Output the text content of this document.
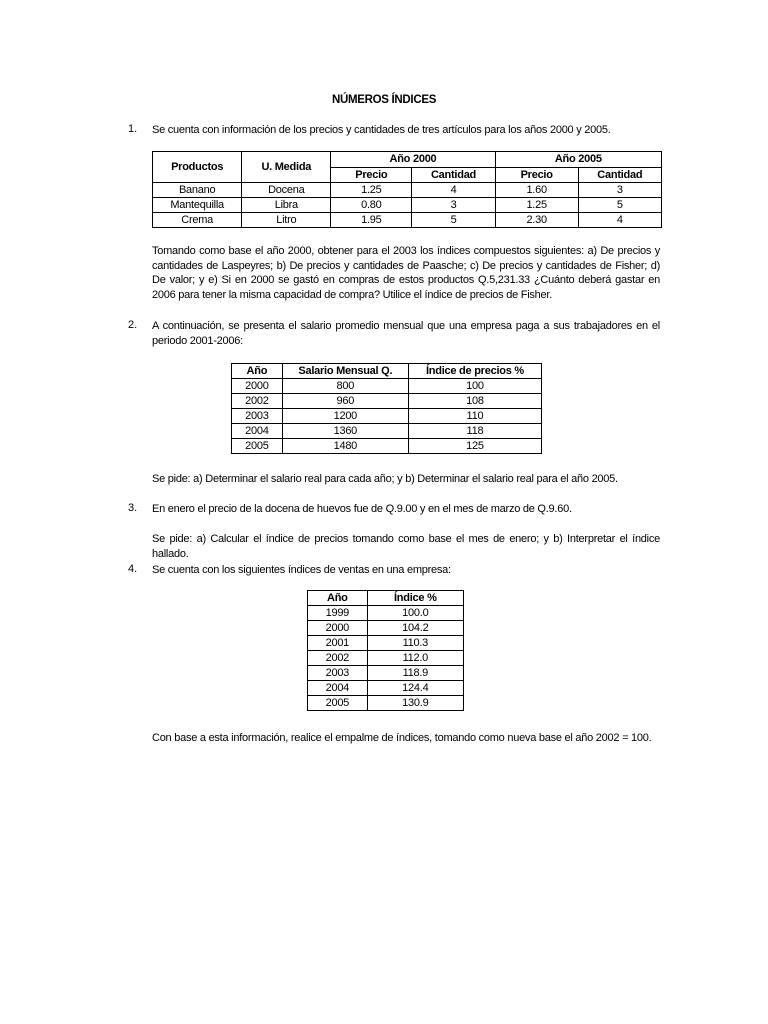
NÚMEROS ÍNDICES
1. Se cuenta con información de los precios y cantidades de tres artículos para los años 2000 y 2005.
Productos	U. Medida	Año 2000		Año 2005	
		Precio	Cantidad	Precio	Cantidad
Banano	Docena	1.25	4	1.60	3
Mantequilla	Libra	0.80	3	1.25	5
Crema	Litro	1.95	5	2.30	4
Tomando como base el año 2000, obtener para el 2003 los índices compuestos siguientes: a) De precios y cantidades de Laspeyres; b) De precios y cantidades de Paasche; c) De precios y cantidades de Fisher; d) De valor; y e) Si en 2000 se gastó en compras de estos productos Q.5,231.33 ¿Cuánto deberá gastar en 2006 para tener la misma capacidad de compra? Utilice el índice de precios de Fisher.
2. A continuación, se presenta el salario promedio mensual que una empresa paga a sus trabajadores en el periodo 2001-2006:
Año	Salario Mensual Q.	Índice de precios %
2000	800	100
2002	960	108
2003	1200	110
2004	1360	118
2005	1480	125
Se pide: a) Determinar el salario real para cada año; y b) Determinar el salario real para el año 2005.
3. En enero el precio de la docena de huevos fue de Q.9.00 y en el mes de marzo de Q.9.60.
Se pide: a) Calcular el índice de precios tomando como base el mes de enero; y b) Interpretar el índice hallado.
4. Se cuenta con los siguientes índices de ventas en una empresa:
Año	Índice %
1999	100.0
2000	104.2
2001	110.3
2002	112.0
2003	118.9
2004	124.4
2005	130.9
Con base a esta información, realice el empalme de índices, tomando como nueva base el año 2002 = 100.
